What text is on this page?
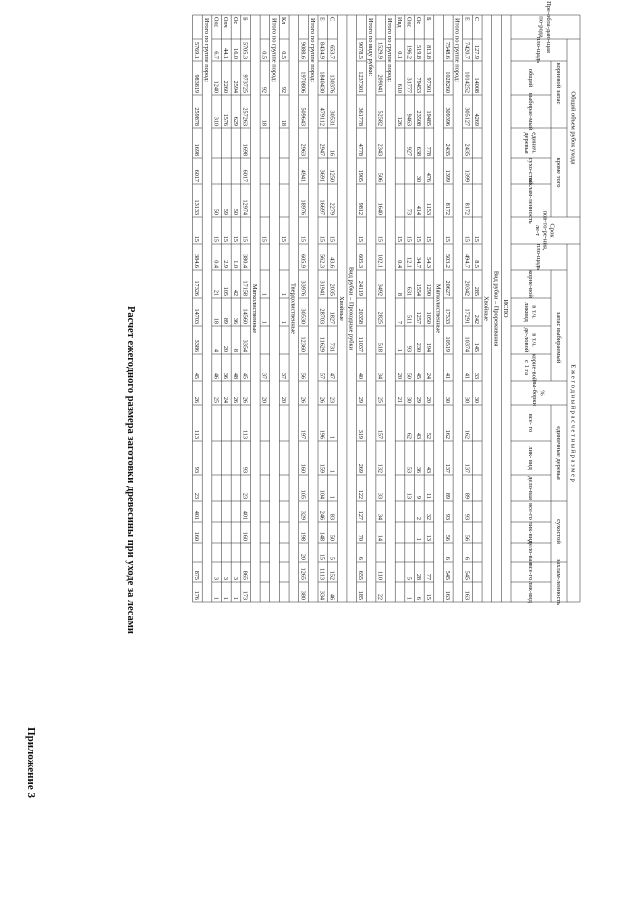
Приложение 3
Расчет ежегодного размера заготовки древесины при уходе за лесами
Пре-обла-даю-щаяпо-рода
Общий объем рубок ухода
корневой запас
кроме того
пло-щадь
общий
выбирае-мый
единич.деревья
сухо-стой
захлам-ленность
Срокпов-то-ре-ния,ле-т
Е ж е г о д н ы й р а с ч е т н ы й р а з м е р
пло-щадь
запас выбираемый
корне-вой
в т.ч.ликвид
в т.ч.де-ловой
корне-войс 1 га
%вы-борки
единичные деревья
все- го
лик- вид
дело-вая
сухостой
все-го
лик-вид
дело-вая
захлам-ленность
все-го
лик-вид
ИСПО
Вид рубки – Прореживания
Хвойные
С
127.9
14008
4269
15
8.5
285
242
145
33
30
Е
7420.7
1014252
305127
2435
1399
8172
15
494.7
20342
17291
10374
41
30
162
137
89
93
56
6
545
163
Итого по группе пород:
7548.6
1028260
309396
2435
1399
8172
15
503.2
20627
17533
10519
41
30
162
137
89
93
56
6
545
163
Мягколиственные
Б
813.8
97301
19485
778
476
1153
15
54.3
1290
1050
194
24
20
52
43
11
32
13
77
15
Ос
519.8
79453
23508
638
30
414
15
34.7
1554
1257
230
45
29
43
36
9
2
1
28
6
Олс
196.2
31777
9463
927
73
15
12.1
631
511
93
50
30
62
53
13
5
1
Ивд
0.1
610
126
15
0.4
8
7
1
20
21
Итого по группе пород:
1529.9
209041
52582
2343
506
1640
15
102.1
3492
2825
518
34
25
157
132
33
34
14
110
22
Итого по виду рубки:
9078.5
1237301
361778
4778
1905
9812
15
605.3
24119
20358
11037
40
29
319
269
122
127
70
6
655
185
Вид рубки – Проходные рубки
Хвойные
С
653.7
130376
30531
16
1250
2279
15
43.6
2035
1827
731
47
23
1
1
1
83
50
5
152
46
Е
8434.9
1840430
479112
2947
3691
16697
15
562.3
31941
28703
11629
57
26
196
159
104
246
148
15
1113
334
Итого по группе пород:
9088.6
1970806
509643
2963
4941
18976
15
605.9
33976
30530
12360
56
26
197
160
105
329
198
20
1265
380
Твердолиственные
Кл
0.5
92
18
15
1
1
37
20
Итого по группе пород:
0.5
92
18
15
1
1
37
20
Мягколиственные
Б
5705.3
973725
257263
1698
6017
12974
15
380.4
17158
14560
3354
45
26
113
93
23
401
160
865
173
Ос
16.0
2594
629
50
15
1.0
42
36
8
48
26
3
1
Олч
44.1
2260
1576
59
15
2.9
105
89
20
36
24
3
1
Олс
6.7
1240
310
50
15
0.4
21
18
4
46
25
3
1
Итого по группе пород:
5769.1
983819
259878
1698
6017
13133
15
384.6
17326
14703
3386
45
26
113
93
23
401
160
875
176
